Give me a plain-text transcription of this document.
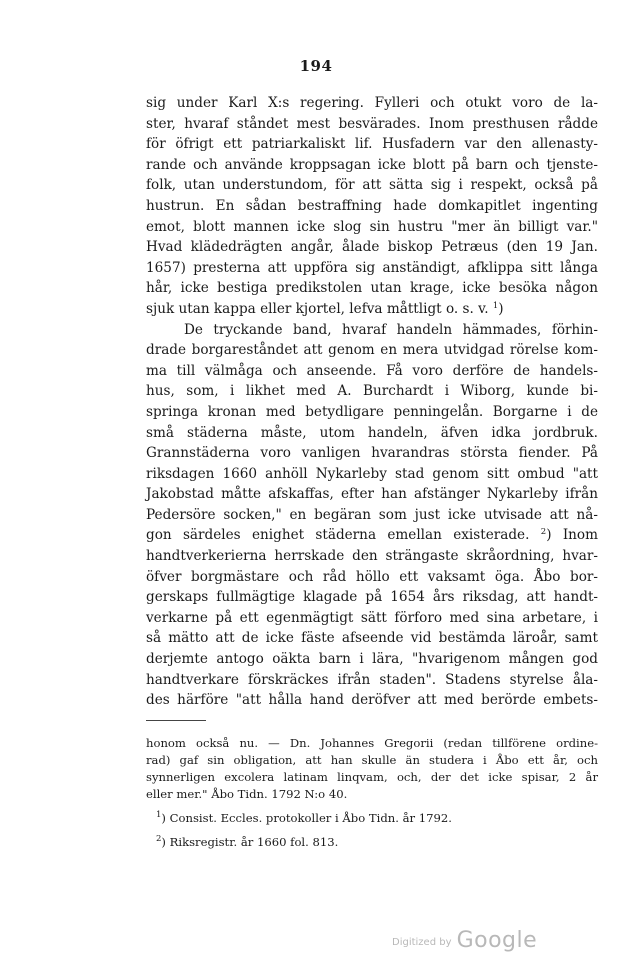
194
sig under Karl X:s regering. Fylleri och otukt voro de la-
ster, hvaraf ståndet mest besvärades. Inom presthusen rådde
för öfrigt ett patriarkaliskt lif. Husfadern var den allenasty-
rande och använde kroppsagan icke blott på barn och tjenste-
folk, utan understundom, för att sätta sig i respekt, också på
hustrun. En sådan bestraffning hade domkapitlet ingenting
emot, blott mannen icke slog sin hustru "mer än billigt var."
Hvad klädedrägten angår, ålade biskop Petræus (den 19 Jan.
1657) presterna att uppföra sig anständigt, afklippa sitt långa
hår, icke bestiga predikstolen utan krage, icke besöka någon
sjuk utan kappa eller kjortel, lefva måttligt o. s. v. $^1$)
De tryckande band, hvaraf handeln hämmades, förhin-
drade borgareståndet att genom en mera utvidgad rörelse kom-
ma till välmåga och anseende. Få voro derföre de handels-
hus, som, i likhet med A. Burchardt i Wiborg, kunde bi-
springa kronan med betydligare penningelån. Borgarne i de
små städerna måste, utom handeln, äfven idka jordbruk.
Grannstäderna voro vanligen hvarandras största fiender. På
riksdagen 1660 anhöll Nykarleby stad genom sitt ombud "att
Jakobstad måtte afskaffas, efter han afstänger Nykarleby ifrån
Pedersöre socken," en begäran som just icke utvisade att nå-
gon särdeles enighet städerna emellan existerade. $^2$) Inom
handtverkerierna herrskade den strängaste skråordning, hvar-
öfver borgmästare och råd höllo ett vaksamt öga. Åbo bor-
gerskaps fullmägtige klagade på 1654 års riksdag, att handt-
verkarne på ett egenmägtigt sätt förforo med sina arbetare, i
så mätto att de icke fäste afseende vid bestämda läroår, samt
derjemte antogo oäkta barn i lära, "hvarigenom mången god
handtverkare förskräckes ifrån staden". Stadens styrelse åla-
des härföre "att hålla hand deröfver att med berörde embets-
honom också nu. — Dn. Johannes Gregorii (redan tillförene ordine-
rad) gaf sin obligation, att han skulle än studera i Åbo ett år, och
synnerligen excolera latinam linqvam, och, der det icke spisar, 2 år
eller mer." Åbo Tidn. 1792 N:o 40.
$^1$) Consist. Eccles. protokoller i Åbo Tidn. år 1792.
$^2$) Riksregistr. år 1660 fol. 813.
Digitized by Google
